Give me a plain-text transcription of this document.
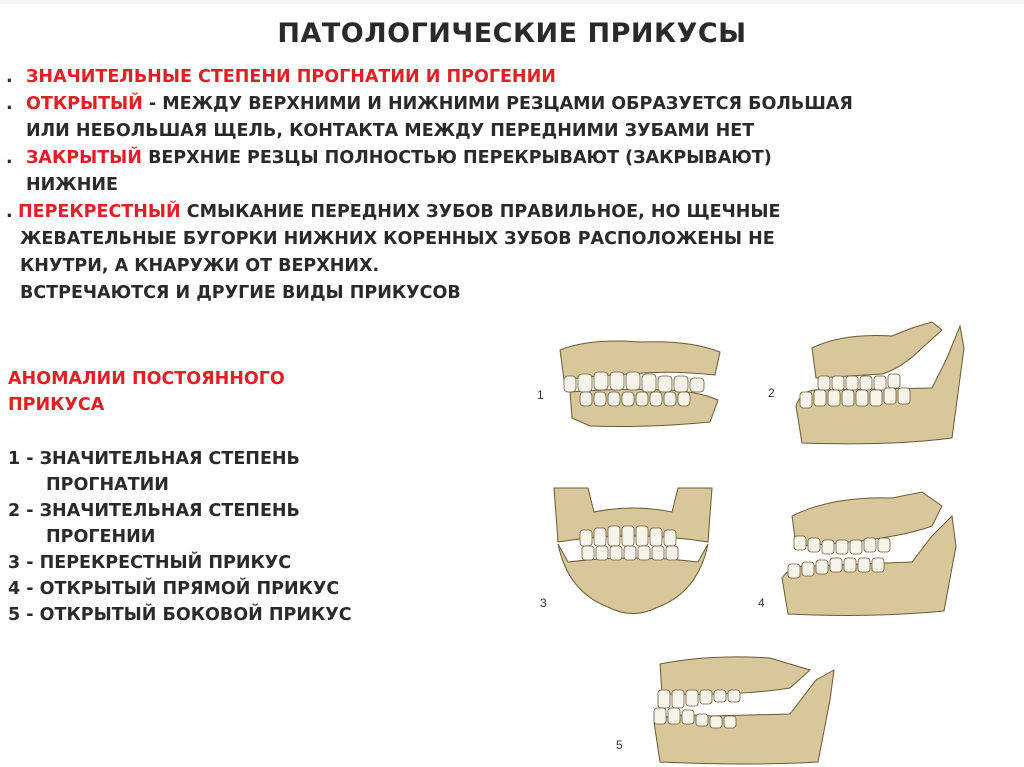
ПАТОЛОГИЧЕСКИЕ ПРИКУСЫ
. ЗНАЧИТЕЛЬНЫЕ СТЕПЕНИ ПРОГНАТИИ И ПРОГЕНИИ
. ОТКРЫТЫЙ - МЕЖДУ ВЕРХНИМИ И НИЖНИМИ РЕЗЦАМИ ОБРАЗУЕТСЯ БОЛЬШАЯ
ИЛИ НЕБОЛЬШАЯ ЩЕЛЬ, КОНТАКТА МЕЖДУ ПЕРЕДНИМИ ЗУБАМИ НЕТ
. ЗАКРЫТЫЙ ВЕРХНИЕ РЕЗЦЫ ПОЛНОСТЬЮ ПЕРЕКРЫВАЮТ (ЗАКРЫВАЮТ)
НИЖНИЕ
. ПЕРЕКРЕСТНЫЙ СМЫКАНИЕ ПЕРЕДНИХ ЗУБОВ ПРАВИЛЬНОЕ, НО ЩЕЧНЫЕ
ЖЕВАТЕЛЬНЫЕ БУГОРКИ НИЖНИХ КОРЕННЫХ ЗУБОВ РАСПОЛОЖЕНЫ НЕ
КНУТРИ, А КНАРУЖИ ОТ ВЕРХНИХ.
ВСТРЕЧАЮТСЯ И ДРУГИЕ ВИДЫ ПРИКУСОВ
АНОМАЛИИ ПОСТОЯННОГО
ПРИКУСА
1 - ЗНАЧИТЕЛЬНАЯ СТЕПЕНЬ
ПРОГНАТИИ
2 - ЗНАЧИТЕЛЬНАЯ СТЕПЕНЬ
ПРОГЕНИИ
3 - ПЕРЕКРЕСТНЫЙ ПРИКУС
4 - ОТКРЫТЫЙ ПРЯМОЙ ПРИКУС
5 - ОТКРЫТЫЙ БОКОВОЙ ПРИКУС
1	2
3	4
5
